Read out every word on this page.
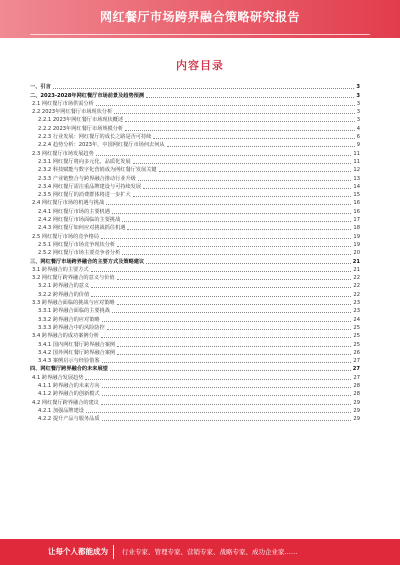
网红餐厅市场跨界融合策略研究报告
内容目录
一、引言	3
二、2023-2028年网红餐厅市场前景及趋势预测	3
2.1 网红餐厅市场供需分析	3
2.2 2023年网红餐厅市场现状分析	3
2.2.1 2023年网红餐厅市场现状概述	3
2.2.2 2023年网红餐厅市场规模分析	4
2.2.3 行业发展：网红餐厅的成长之路是否可持续	6
2.2.4 趋势分析：2023年，中国网红餐厅市场何去何从	9
2.3 网红餐厅市场发展趋势	11
2.3.1 网红餐厅将向多元化、品质化发展	11
2.3.2 科技赋能与数字化营销成为网红餐厅发展关键	12
2.3.3 产业链整合与跨界融合推动行业升级	13
2.3.4 网红餐厅需注重品牌建设与可持续发展	14
2.3.5 网红餐厅的消费群体将进一步扩大	15
2.4 网红餐厅市场的机遇与挑战	16
2.4.1 网红餐厅市场的主要机遇	16
2.4.2 网红餐厅市场面临的主要挑战	17
2.4.3 网红餐厅如何应对挑战抓住机遇	18
2.5 网红餐厅市场的竞争格局	19
2.5.1 网红餐厅市场竞争现状分析	19
2.5.2 网红餐厅市场主要竞争者分析	20
三、网红餐厅市场跨界融合的主要方式及策略建议	21
3.1 跨界融合的主要方式	21
3.2 网红餐厅跨界融合的意义与价值	22
3.2.1 跨界融合的意义	22
3.2.2 跨界融合的价值	22
3.3 跨界融合面临的挑战与应对策略	23
3.3.1 跨界融合面临的主要挑战	23
3.3.2 跨界融合的应对策略	24
3.3.3 跨界融合中的风险防控	25
3.4 跨界融合的成功案例分析	25
3.4.1 国内网红餐厅跨界融合案例	25
3.4.2 国外网红餐厅跨界融合案例	26
3.4.3 案例启示与经验借鉴	27
四、网红餐厅跨界融合的未来展望	27
4.1 跨界融合发展趋势	27
4.1.1 跨界融合的未来方向	28
4.1.2 跨界融合的创新模式	28
4.2 网红餐厅跨界融合的建议	29
4.2.1 加强品牌建设	29
4.2.2 提升产品与服务品质	29
让每个人都能成为 行业专家、管理专家、营销专家、战略专家、成功企业家……
